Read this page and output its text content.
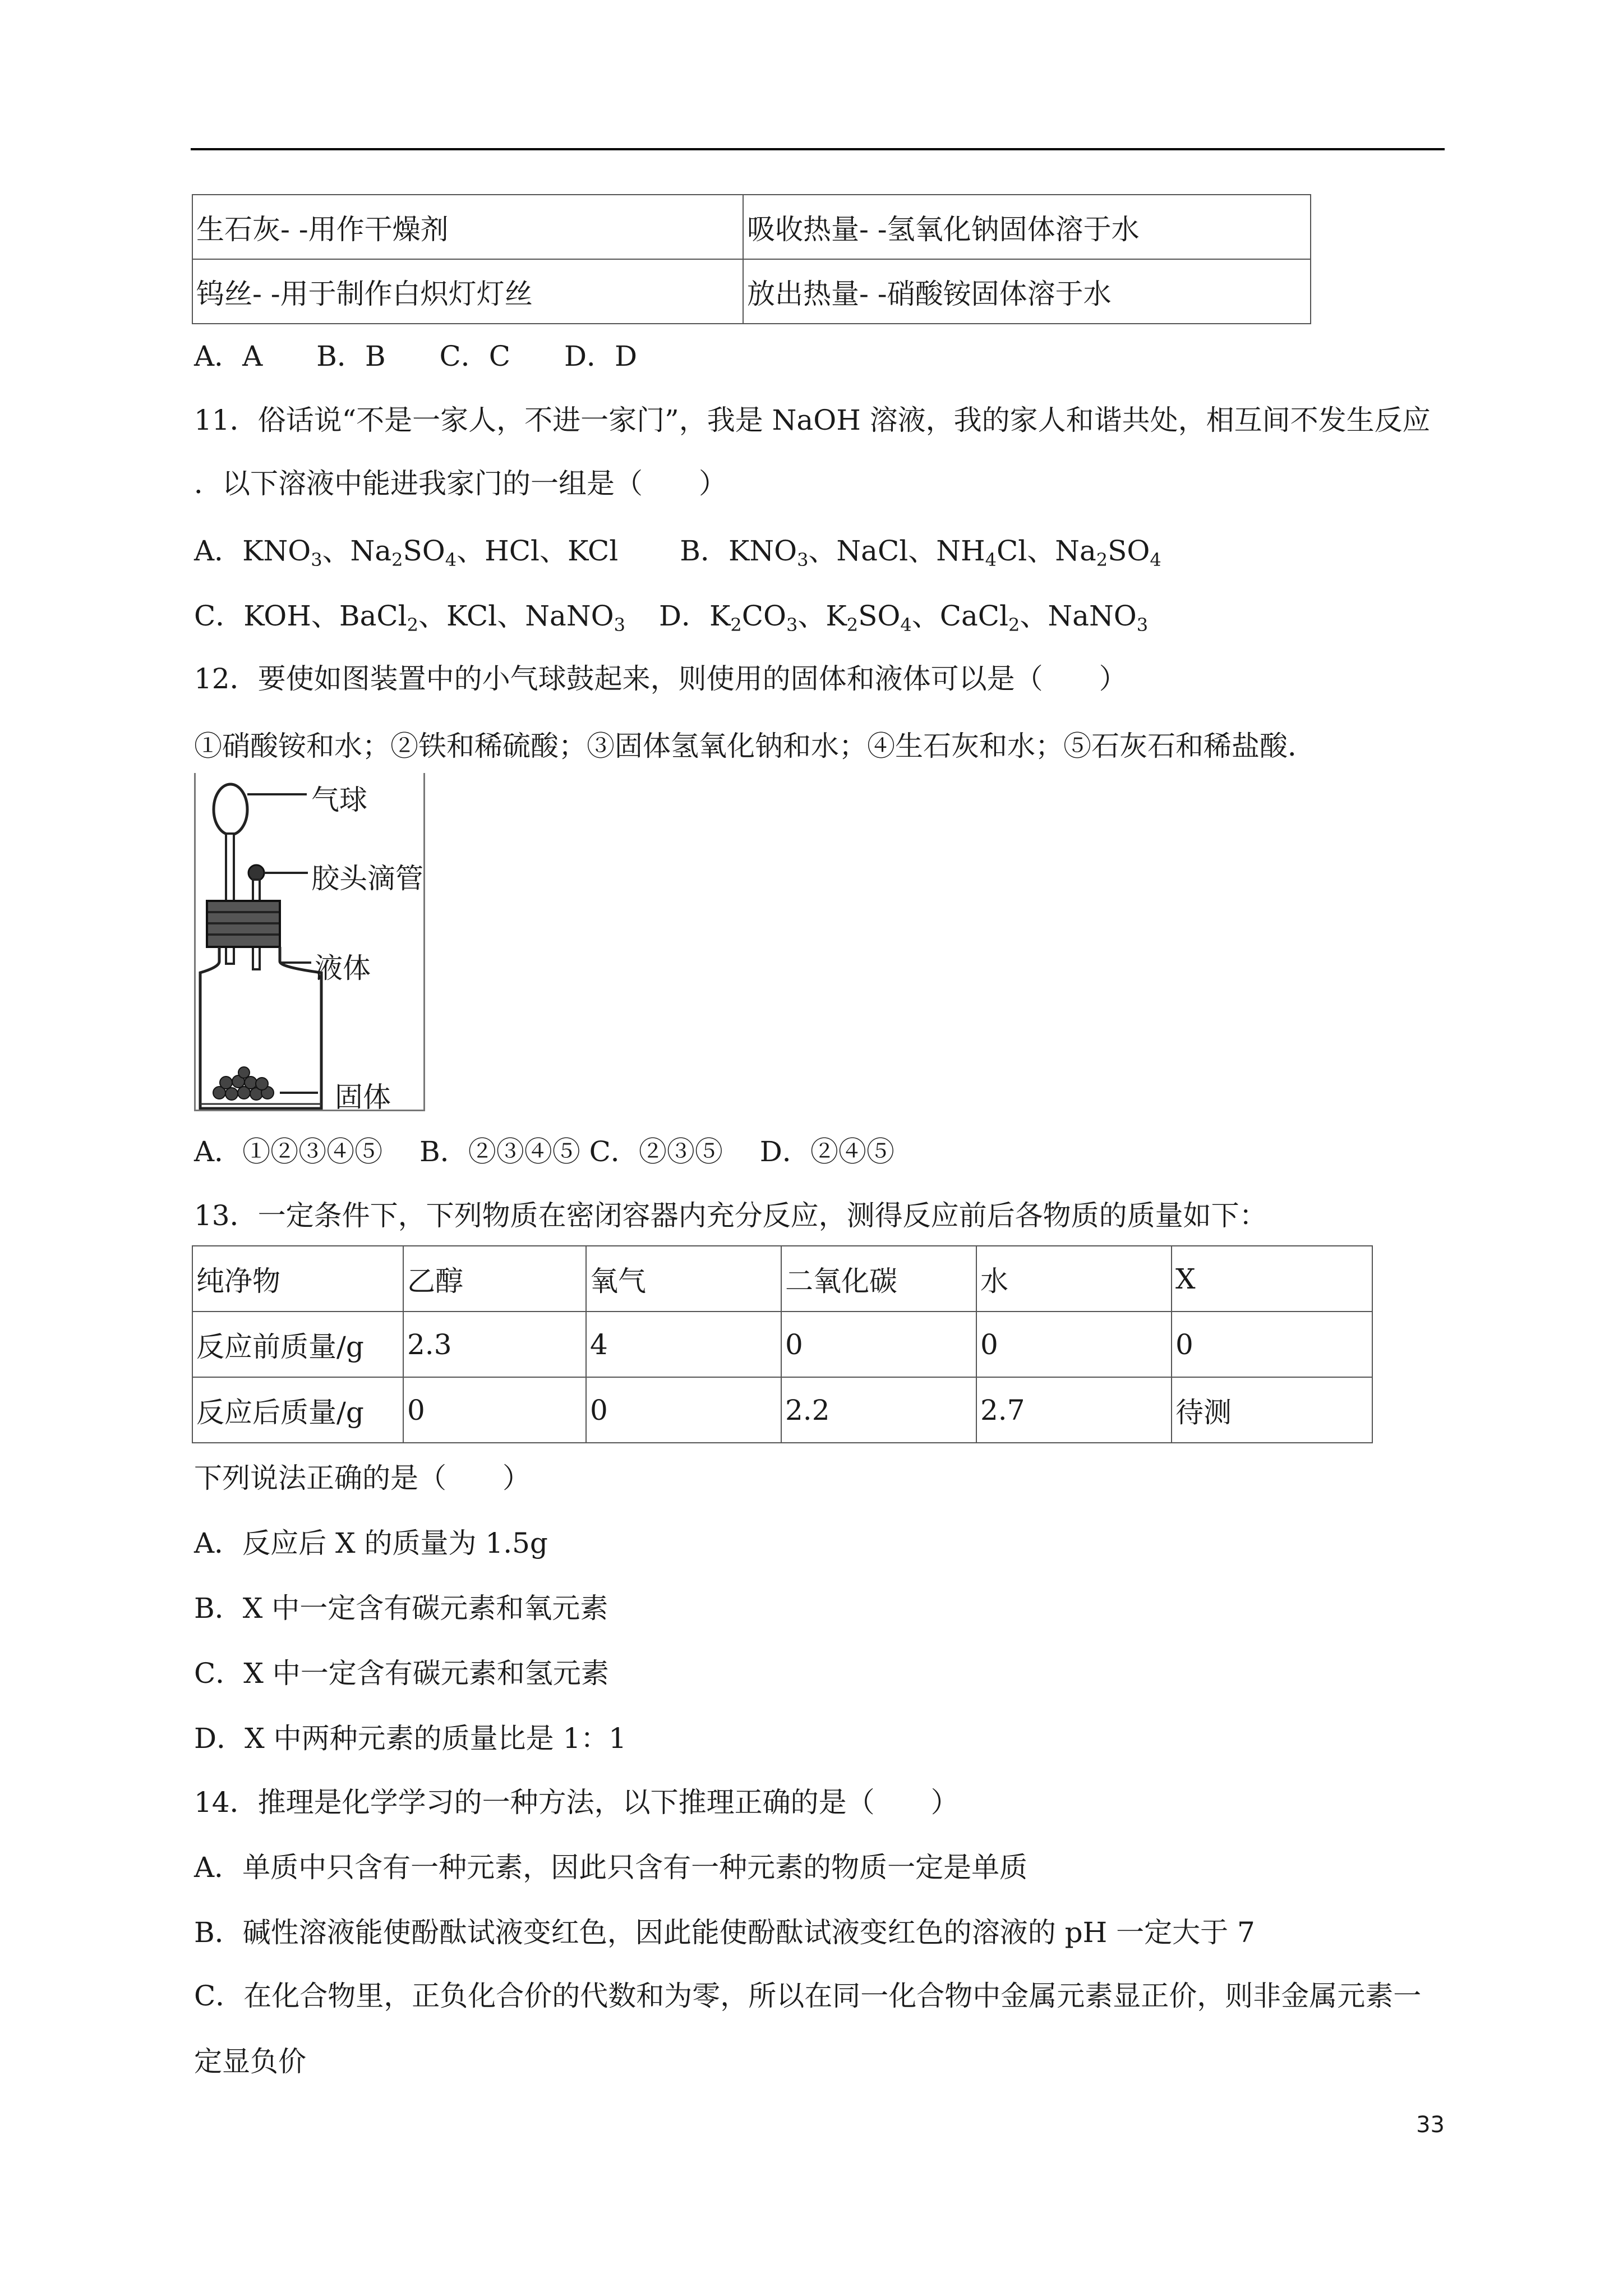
生石灰- -用作干燥剂	吸收热量- -氢氧化钠固体溶于水
钨丝- -用于制作白炽灯灯丝	放出热量- -硝酸铵固体溶于水
A．A B．B C．C D．D
11．俗话说“不是一家人，不进一家门”，我是 NaOH 溶液，我的家人和谐共处，相互间不发生反应
．以下溶液中能进我家门的一组是（　　）
A．$KNO_3$、$Na_2SO_4$、HCl、KCl B．$KNO_3$、NaCl、$NH_4Cl$、$Na_2SO_4$
C．KOH、BaCl$_2$、KCl、NaNO$_3$ D．$K_2CO_3$、$K_2SO_4$、CaCl$_2$、NaNO$_3$
12．要使如图装置中的小气球鼓起来，则使用的固体和液体可以是（　　）
①硝酸铵和水；②铁和稀硫酸；③固体氢氧化钠和水；④生石灰和水；⑤石灰石和稀盐酸．
气球
胶头滴管
液体
固体
A．①②③④⑤　 B．②③④⑤ C．②③⑤　 D．②④⑤
13．一定条件下，下列物质在密闭容器内充分反应，测得反应前后各物质的质量如下：
纯净物	乙醇	氧气	二氧化碳	水	X
反应前质量/g	2.3	4	0	0	0
反应后质量/g	0	0	2.2	2.7	待测
下列说法正确的是（　　）
A．反应后 X 的质量为 1.5g
B．X 中一定含有碳元素和氧元素
C．X 中一定含有碳元素和氢元素
D．X 中两种元素的质量比是 1：1
14．推理是化学学习的一种方法，以下推理正确的是（　　）
A．单质中只含有一种元素，因此只含有一种元素的物质一定是单质
B．碱性溶液能使酚酞试液变红色，因此能使酚酞试液变红色的溶液的 pH 一定大于 7
C．在化合物里，正负化合价的代数和为零，所以在同一化合物中金属元素显正价，则非金属元素一
定显负价
33
